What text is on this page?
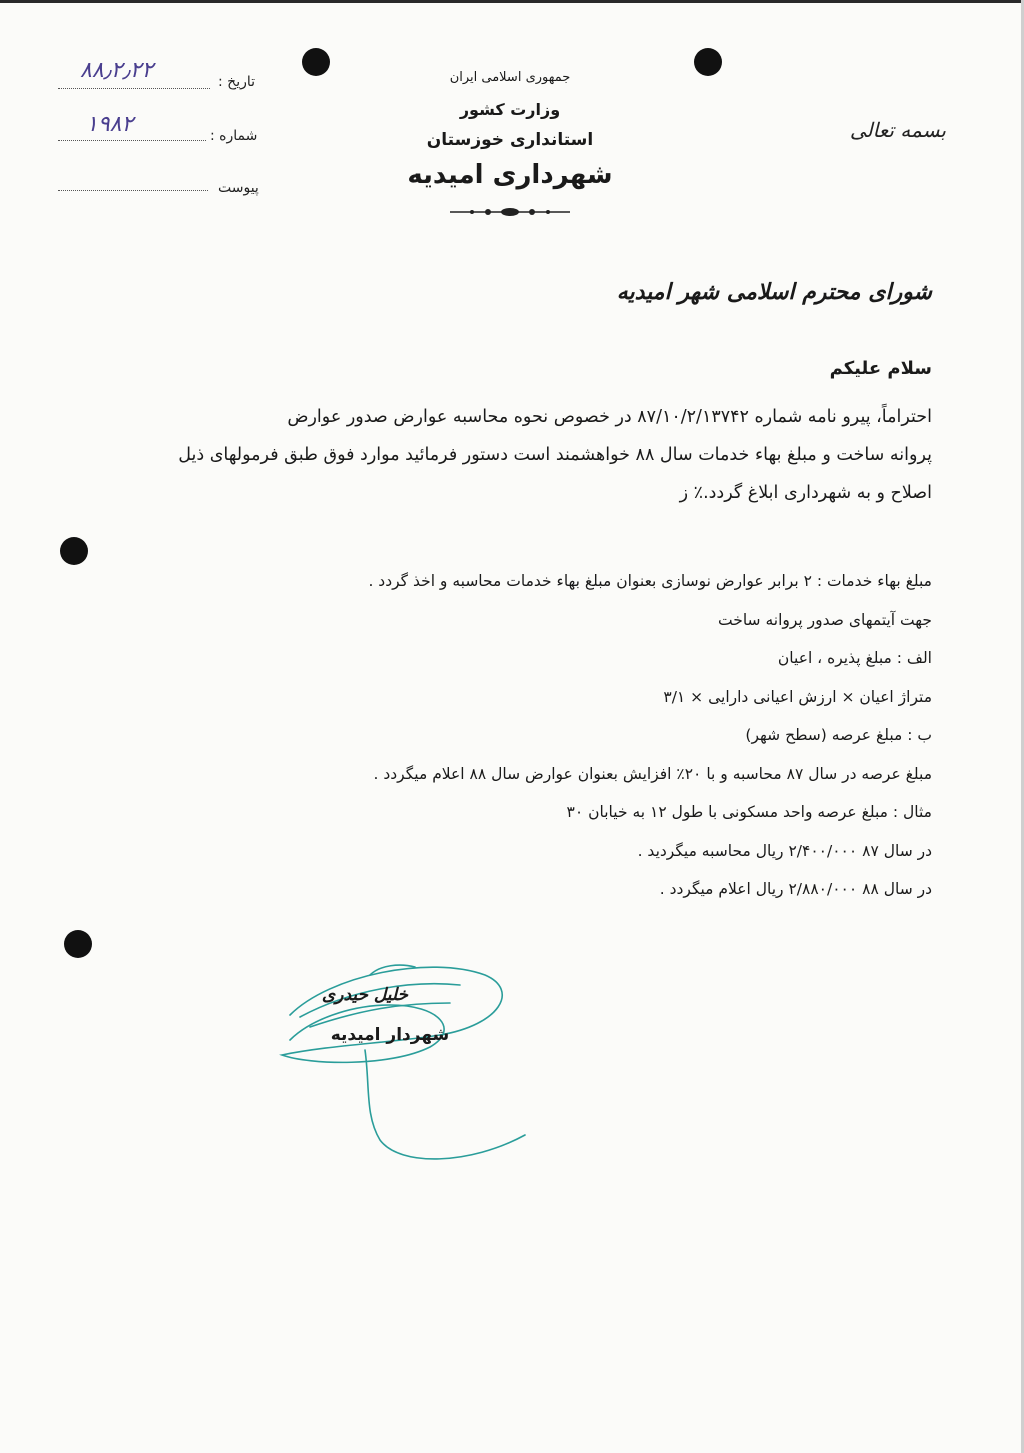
تاریخ :
۸۸٫۲٫۲۲
شماره :
۱۹۸۲
پیوست
جمهوری اسلامی ایران
وزارت کشور
استانداری خوزستان
شهرداری امیدیه
بسمه تعالی
شورای محترم اسلامی شهر امیدیه
سلام علیکم
احتراماً، پیرو نامه شماره ۸۷/۱۰/۲/۱۳۷۴۲ در خصوص نحوه محاسبه عوارض صدور عوارض
پروانه ساخت و مبلغ بهاء خدمات سال ۸۸ خواهشمند است دستور فرمائید موارد فوق طبق فرمولهای ذیل
اصلاح و به شهرداری ابلاغ گردد.٪ ز
مبلغ بهاء خدمات : ۲ برابر عوارض نوسازی بعنوان مبلغ بهاء خدمات محاسبه و اخذ گردد .
جهت آیتمهای صدور پروانه ساخت
الف : مبلغ پذیره ، اعیان
متراژ اعیان × ارزش اعیانی دارایی × ۳/۱
ب : مبلغ عرصه (سطح شهر)
مبلغ عرصه در سال ۸۷ محاسبه و با ۲۰٪ افزایش بعنوان عوارض سال ۸۸ اعلام میگردد .
مثال : مبلغ عرصه واحد مسکونی با طول ۱۲ به خیابان ۳۰
در سال ۸۷ ۲/۴۰۰/۰۰۰ ریال محاسبه میگردید .
در سال ۸۸ ۲/۸۸۰/۰۰۰ ریال اعلام میگردد .
خلیل حیدری
شهردار امیدیه
